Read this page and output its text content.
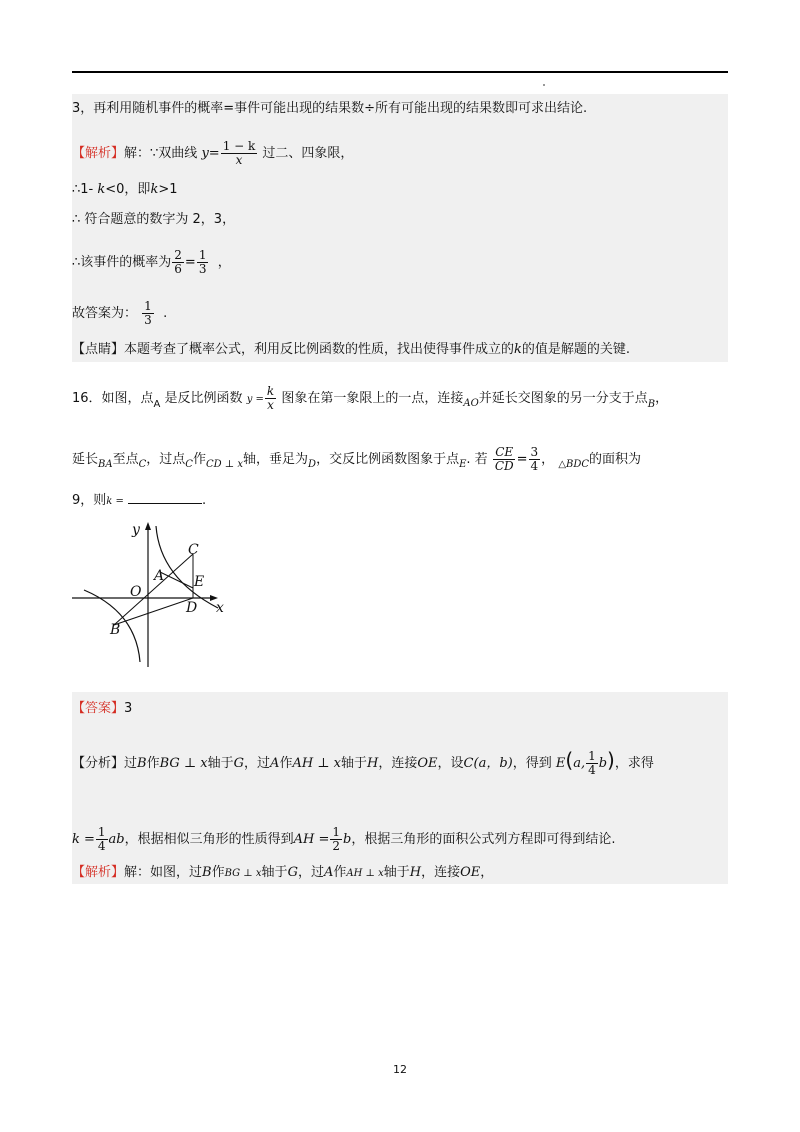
3，再利用随机事件的概率=事件可能出现的结果数÷所有可能出现的结果数即可求出结论.
【解析】解：∵双曲线 $y= \frac{1 - k}{x}$ 过二、四象限，
∴1- k<0，即k>1
∴ 符合题意的数字为 2，3，
∴该事件的概率为 $\frac{2}{6} = \frac{1}{3}$ ，
故答案为： $\frac{1}{3}$ .
【点睛】本题考查了概率公式，利用反比例函数的性质，找出使得事件成立的k的值是解题的关键.
16．如图，点$_A$ 是反比例函数 $y = \frac{k}{x}$ 图象在第一象限上的一点，连接$_{AO}$并延长交图象的另一分支于点$_B$，
延长$_{BA}$至点$_C$，过点$_C$作$_{CD \perp x}$轴，垂足为$_D$，交反比例函数图象于点$_E$. 若 $\frac{CE}{CD} = \frac{3}{4}$ ， $_{\triangle BDC}$的面积为
9，则k =	.
y
x
O
A
B
C
D
E
【答案】3
【分析】过B作BG ⊥ x轴于G，过A作AH ⊥ x轴于H，连接OE，设C(a，b)，得到 E(a, $\frac{1}{4} b$)，求得
$k = \frac{1}{4}$ ab，根据相似三角形的性质得到AH = $\frac{1}{2}$ b，根据三角形的面积公式列方程即可得到结论.
【解析】解：如图，过B作BG ⊥ x轴于G，过A作AH ⊥ x轴于H，连接OE，
12
